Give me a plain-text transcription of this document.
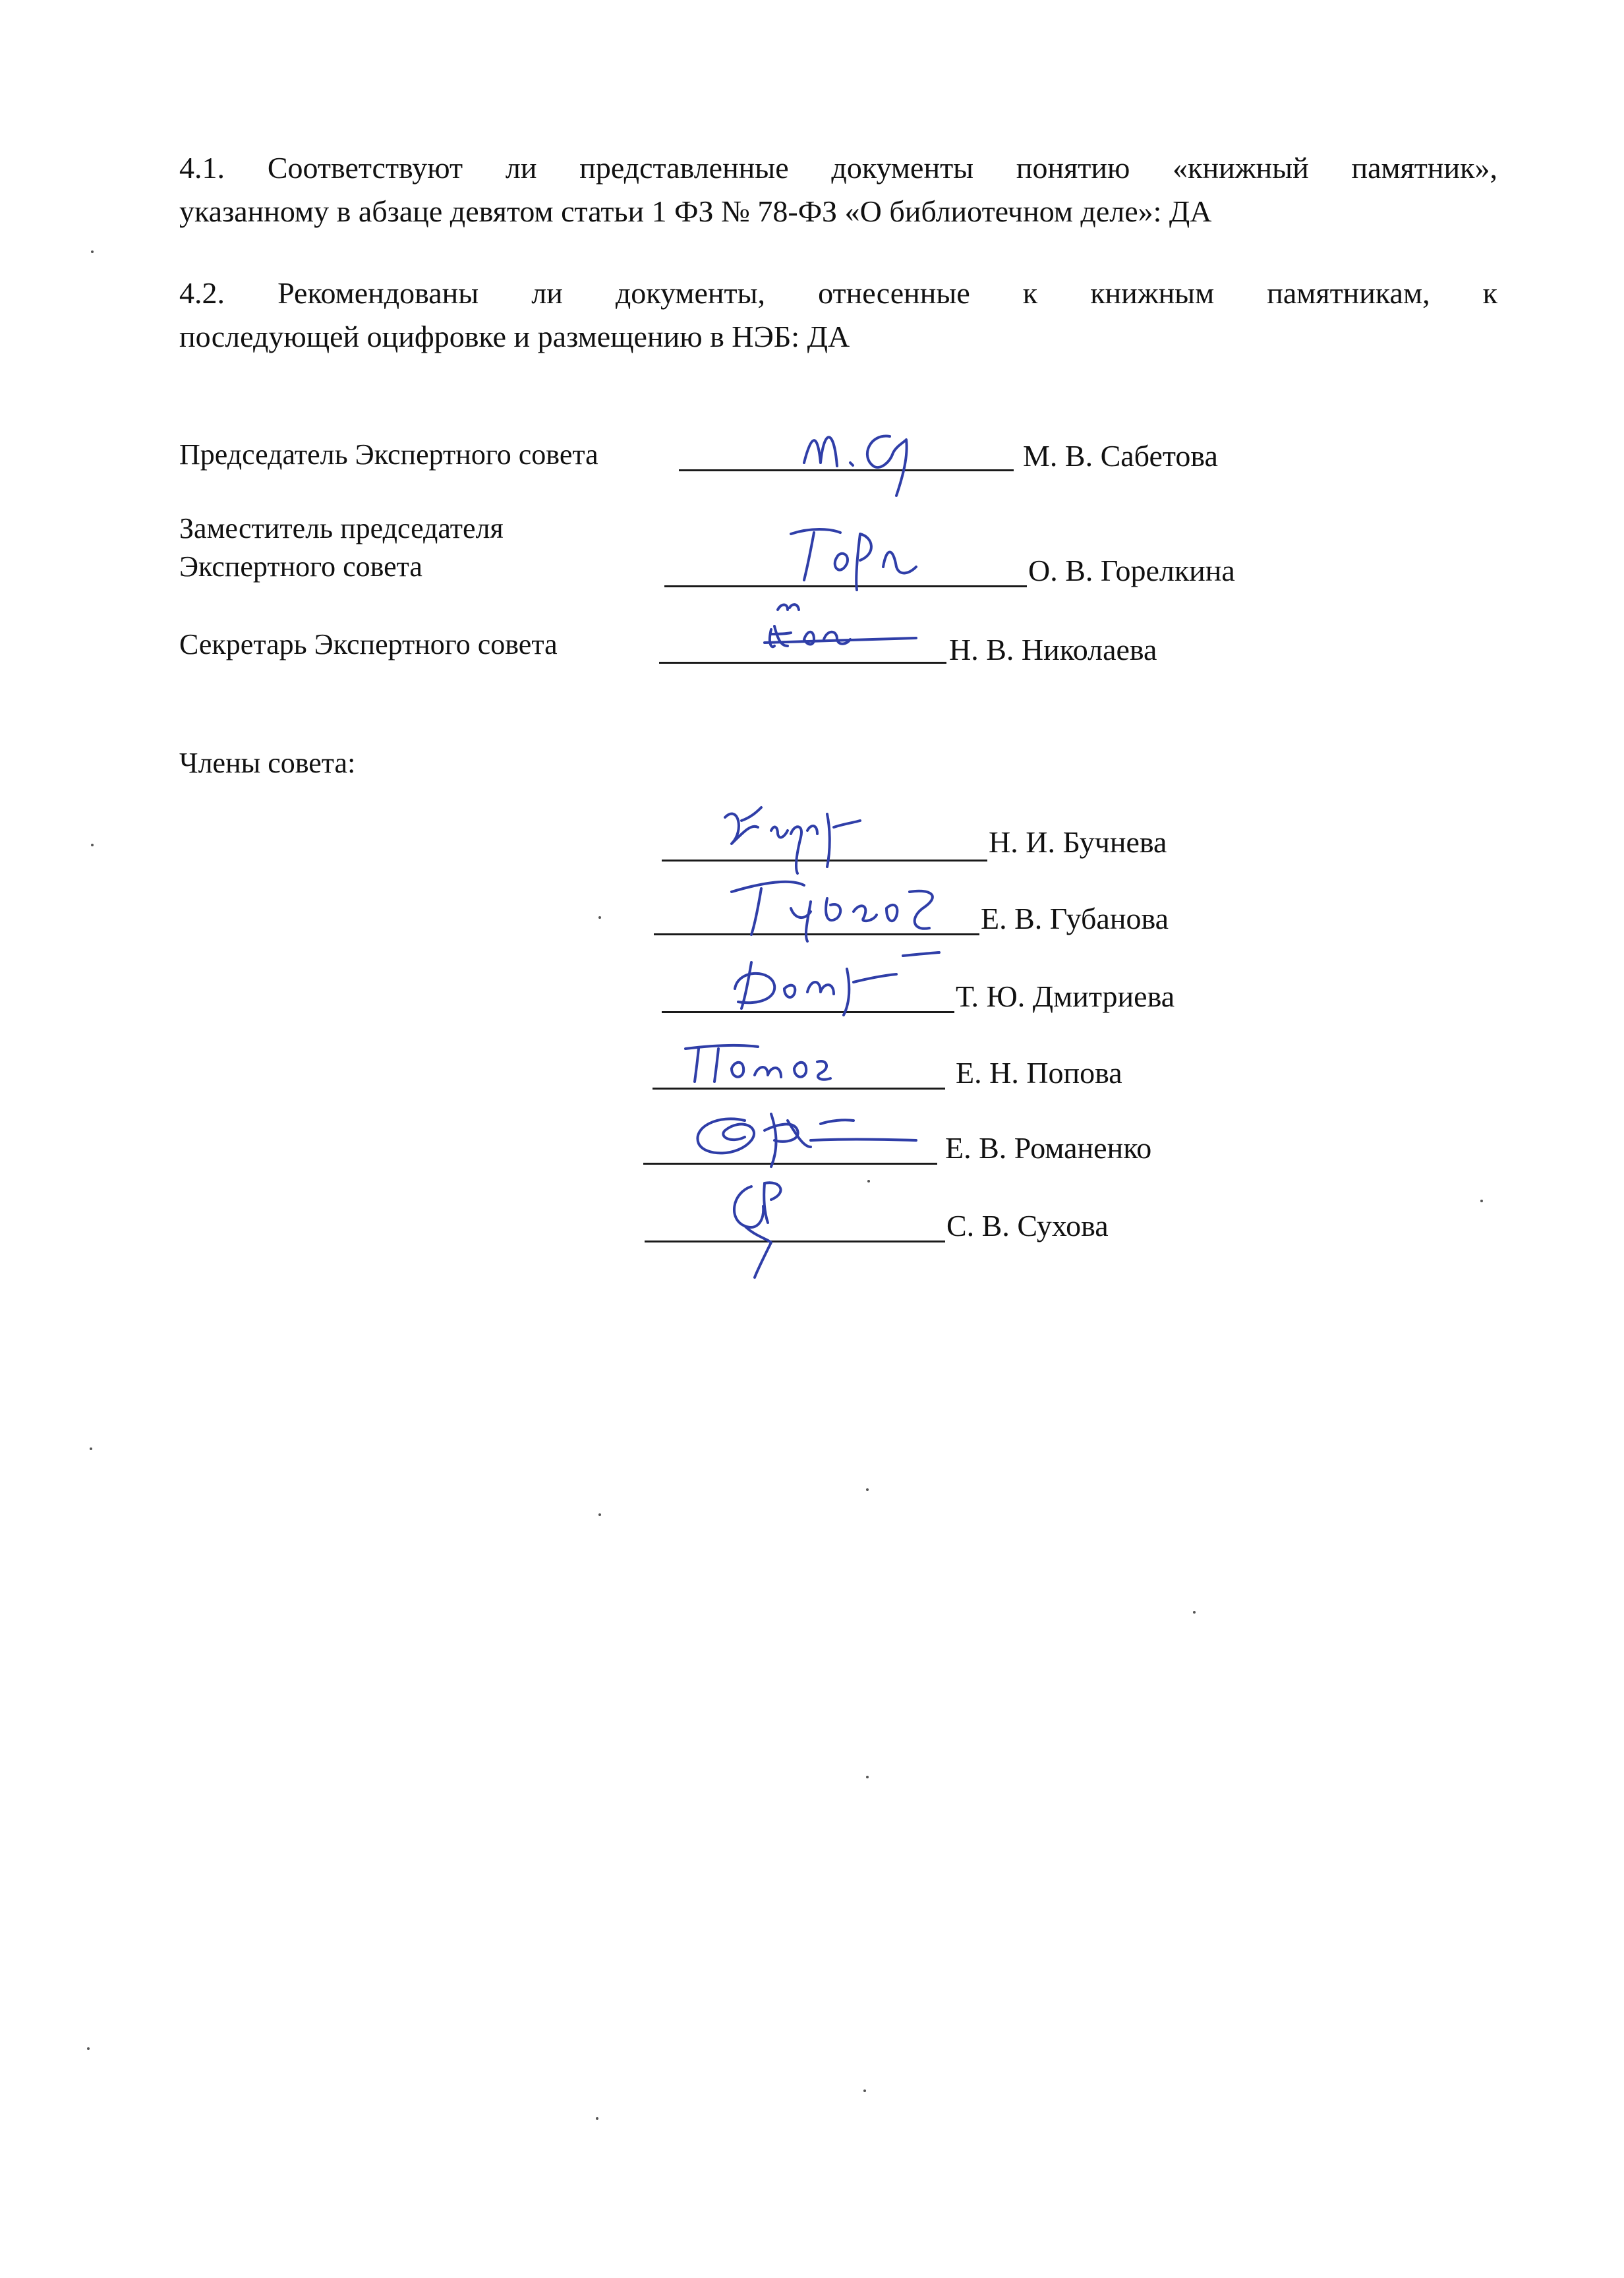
4.1. Соответствуют ли представленные документы понятию «книжный памятник»,
указанному в абзаце девятом статьи 1 ФЗ № 78-ФЗ «О библиотечном деле»: ДА
4.2. Рекомендованы ли документы, отнесенные к книжным памятникам, к
последующей оцифровке и размещению в НЭБ: ДА
Председатель Экспертного совета	М. В. Сабетова
Заместитель председателя
Экспертного совета	О. В. Горелкина
Секретарь Экспертного совета	Н. В. Николаева
Члены совета:
Н. И. Бучнева
Е. В. Губанова
Т. Ю. Дмитриева
Е. Н. Попова
Е. В. Романенко
С. В. Сухова
